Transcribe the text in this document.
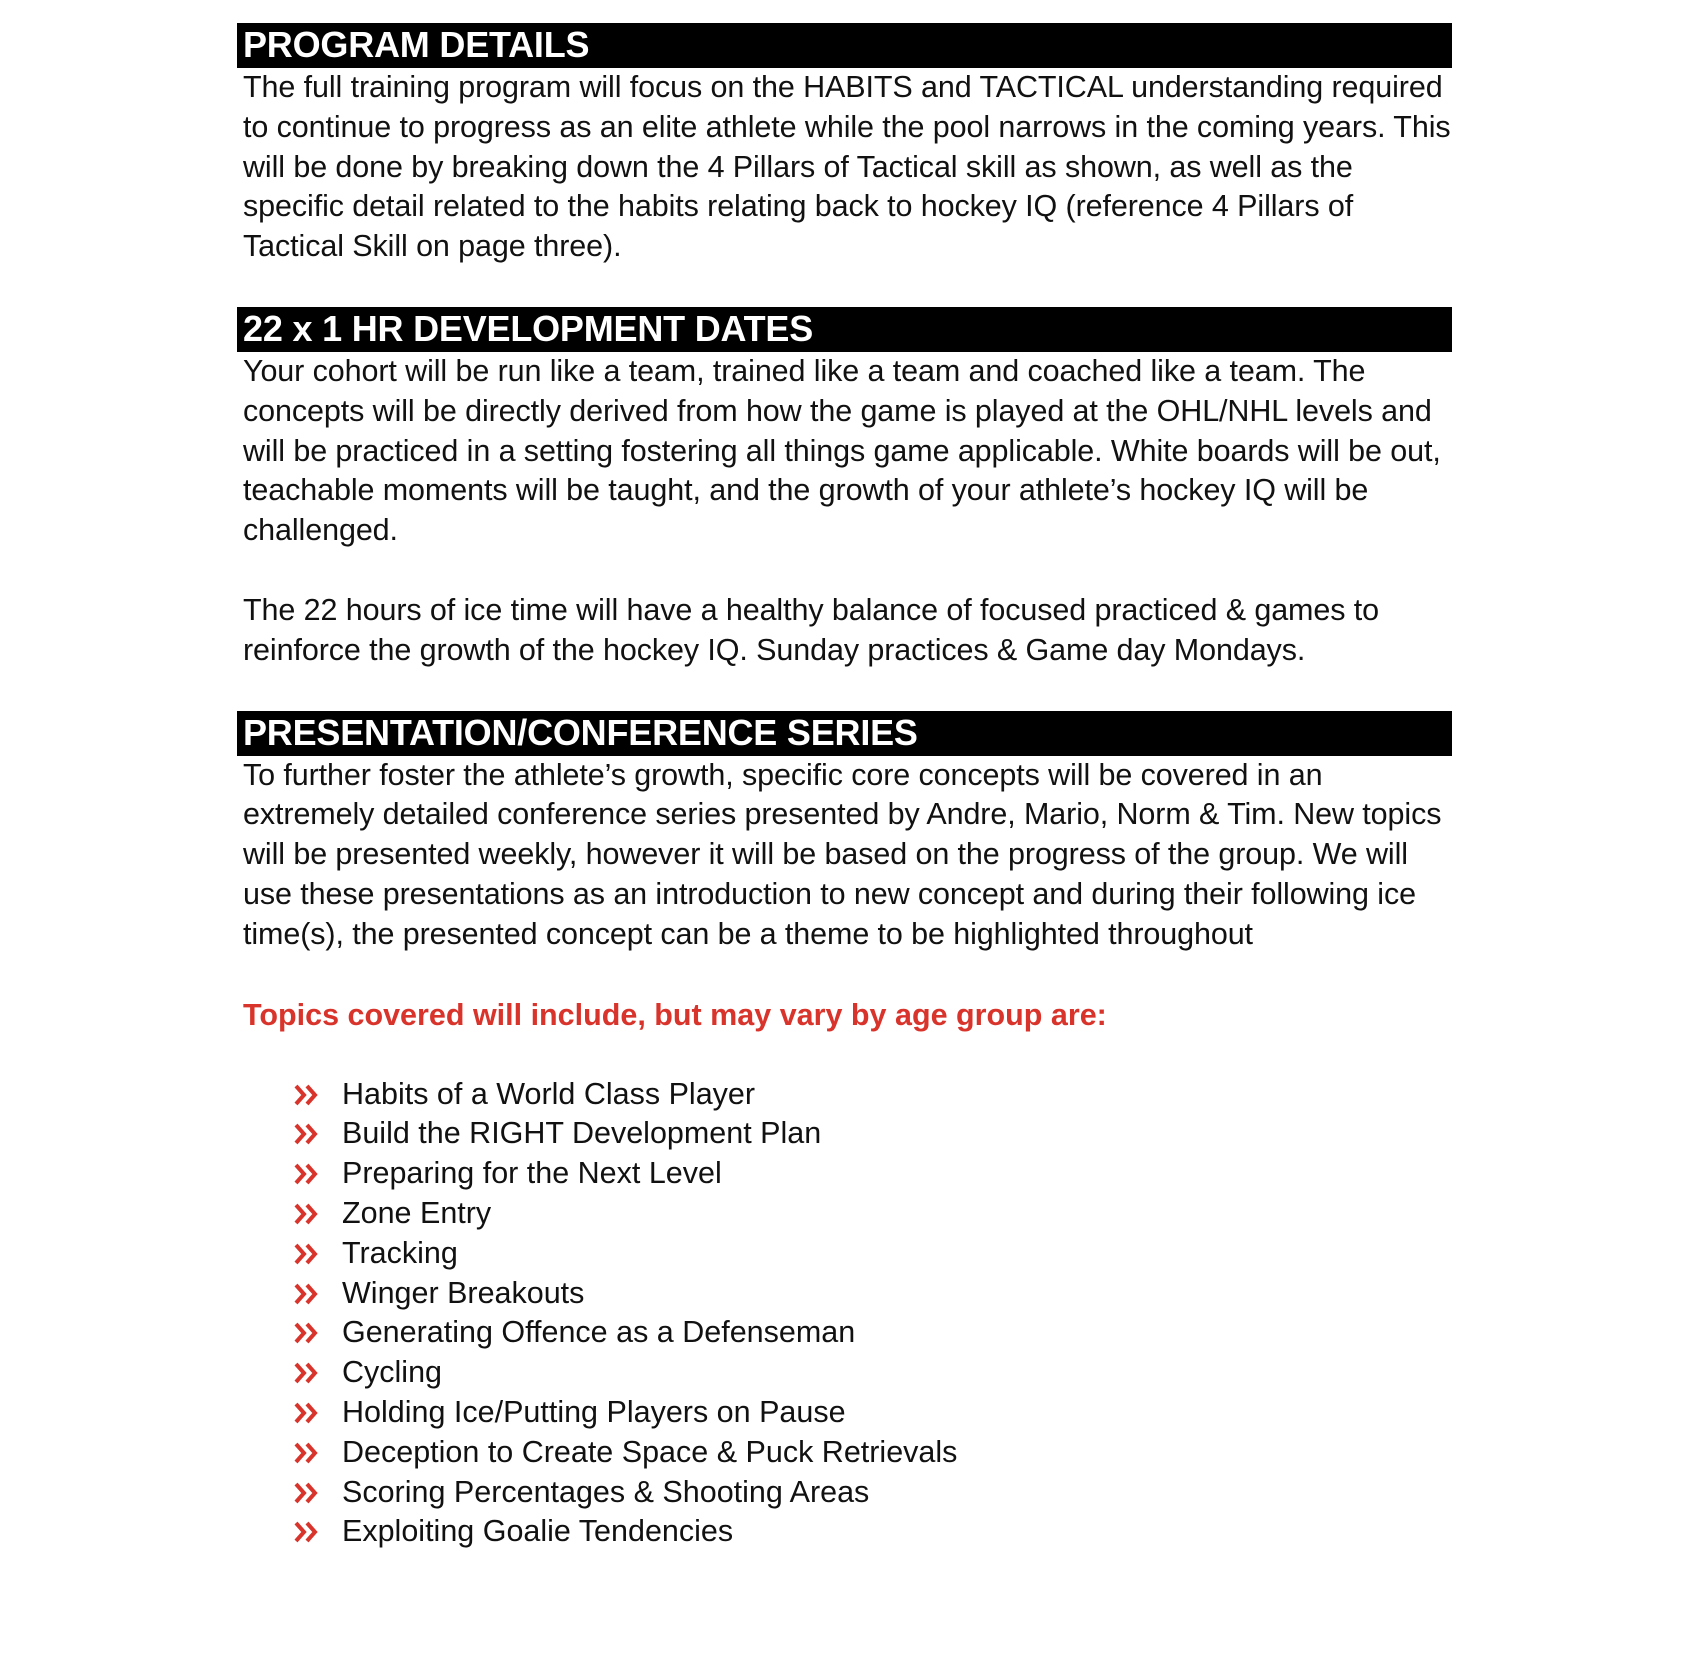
PROGRAM DETAILS

The full training program will focus on the HABITS and TACTICAL understanding required to continue to progress as an elite athlete while the pool narrows in the coming years. This will be done by breaking down the 4 Pillars of Tactical skill as shown, as well as the specific detail related to the habits relating back to hockey IQ (reference 4 Pillars of Tactical Skill on page three).

22 x 1 HR DEVELOPMENT DATES

Your cohort will be run like a team, trained like a team and coached like a team. The concepts will be directly derived from how the game is played at the OHL/NHL levels and will be practiced in a setting fostering all things game applicable. White boards will be out, teachable moments will be taught, and the growth of your athlete’s hockey IQ will be challenged.

The 22 hours of ice time will have a healthy balance of focused practiced & games to reinforce the growth of the hockey IQ. Sunday practices & Game day Mondays.

PRESENTATION/CONFERENCE SERIES

To further foster the athlete’s growth, specific core concepts will be covered in an extremely detailed conference series presented by Andre, Mario, Norm & Tim. New topics will be presented weekly, however it will be based on the progress of the group. We will use these presentations as an introduction to new concept and during their following ice time(s), the presented concept can be a theme to be highlighted throughout

Topics covered will include, but may vary by age group are:
Habits of a World Class Player
Build the RIGHT Development Plan
Preparing for the Next Level
Zone Entry
Tracking
Winger Breakouts
Generating Offence as a Defenseman
Cycling
Holding Ice/Putting Players on Pause
Deception to Create Space & Puck Retrievals
Scoring Percentages & Shooting Areas
Exploiting Goalie Tendencies
